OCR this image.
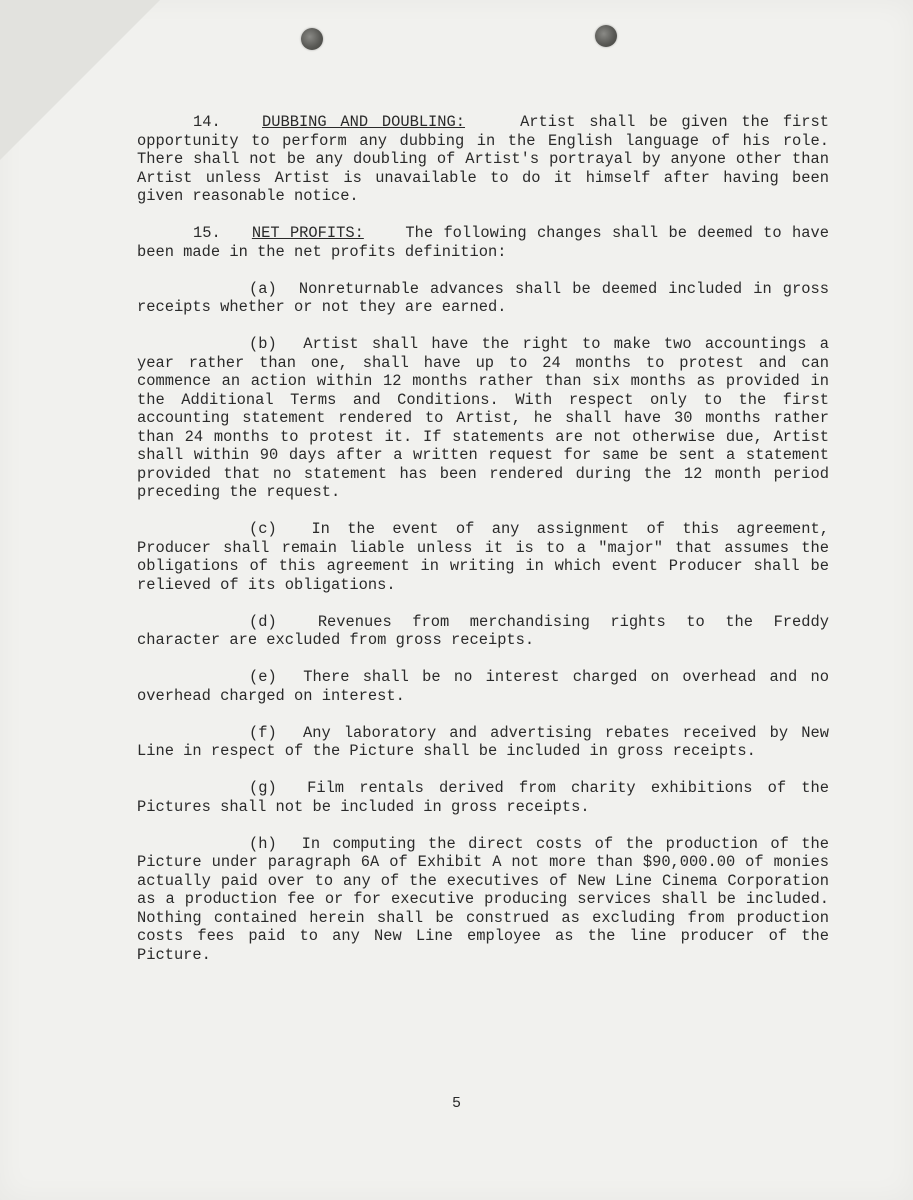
14.	DUBBING AND DOUBLING:	Artist shall be given the first opportunity to perform any dubbing in the English language of his role. There shall not be any doubling of Artist's portrayal by anyone other than Artist unless Artist is unavailable to do it himself after having been given reasonable notice.

15. NET PROFITS:	The following changes shall be deemed to have been made in the net profits definition:

(a) Nonreturnable advances shall be deemed included in gross receipts whether or not they are earned.

(b) Artist shall have the right to make two accountings a year rather than one, shall have up to 24 months to protest and can commence an action within 12 months rather than six months as provided in the Additional Terms and Conditions. With respect only to the first accounting statement rendered to Artist, he shall have 30 months rather than 24 months to protest it. If statements are not otherwise due, Artist shall within 90 days after a written request for same be sent a statement provided that no statement has been rendered during the 12 month period preceding the request.

(c) In the event of any assignment of this agreement, Producer shall remain liable unless it is to a "major" that assumes the obligations of this agreement in writing in which event Producer shall be relieved of its obligations.

(d)	Revenues from merchandising rights to the Freddy character are excluded from gross receipts.

(e) There shall be no interest charged on overhead and no overhead charged on interest.

(f) Any laboratory and advertising rebates received by New Line in respect of the Picture shall be included in gross receipts.

(g) Film rentals derived from charity exhibitions of the Pictures shall not be included in gross receipts.

(h) In computing the direct costs of the production of the Picture under paragraph 6A of Exhibit A not more than $90,000.00 of monies actually paid over to any of the executives of New Line Cinema Corporation as a production fee or for executive producing services shall be included. Nothing contained herein shall be construed as excluding from production costs fees paid to any New Line employee as the line producer of the Picture.

5
